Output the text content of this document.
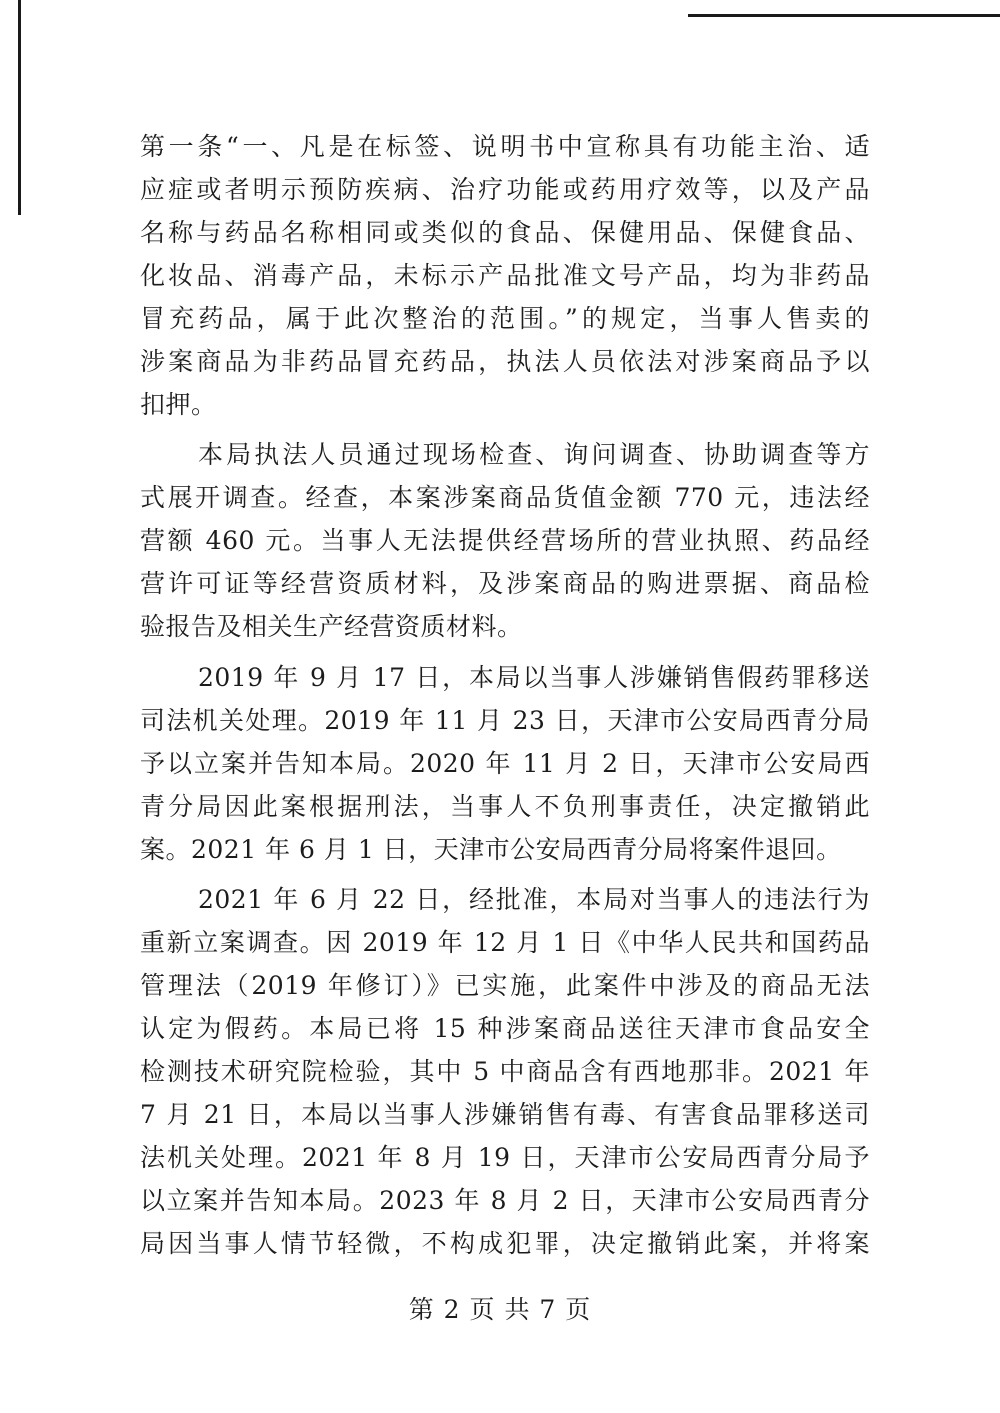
第一条“一、凡是在标签、说明书中宣称具有功能主治、适
应症或者明示预防疾病、治疗功能或药用疗效等，以及产品
名称与药品名称相同或类似的食品、保健用品、保健食品、
化妆品、消毒产品，未标示产品批准文号产品，均为非药品
冒充药品，属于此次整治的范围。”的规定，当事人售卖的
涉案商品为非药品冒充药品，执法人员依法对涉案商品予以
扣押。
本局执法人员通过现场检查、询问调查、协助调查等方
式展开调查。经查，本案涉案商品货值金额 770 元，违法经
营额 460 元。当事人无法提供经营场所的营业执照、药品经
营许可证等经营资质材料，及涉案商品的购进票据、商品检
验报告及相关生产经营资质材料。
2019 年 9 月 17 日，本局以当事人涉嫌销售假药罪移送
司法机关处理。2019 年 11 月 23 日，天津市公安局西青分局
予以立案并告知本局。2020 年 11 月 2 日，天津市公安局西
青分局因此案根据刑法，当事人不负刑事责任，决定撤销此
案。2021 年 6 月 1 日，天津市公安局西青分局将案件退回。
2021 年 6 月 22 日，经批准，本局对当事人的违法行为
重新立案调查。因 2019 年 12 月 1 日《中华人民共和国药品
管理法（2019 年修订）》已实施，此案件中涉及的商品无法
认定为假药。本局已将 15 种涉案商品送往天津市食品安全
检测技术研究院检验，其中 5 中商品含有西地那非。2021 年
7 月 21 日，本局以当事人涉嫌销售有毒、有害食品罪移送司
法机关处理。2021 年 8 月 19 日，天津市公安局西青分局予
以立案并告知本局。2023 年 8 月 2 日，天津市公安局西青分
局因当事人情节轻微，不构成犯罪，决定撤销此案，并将案
第 2 页 共 7 页
